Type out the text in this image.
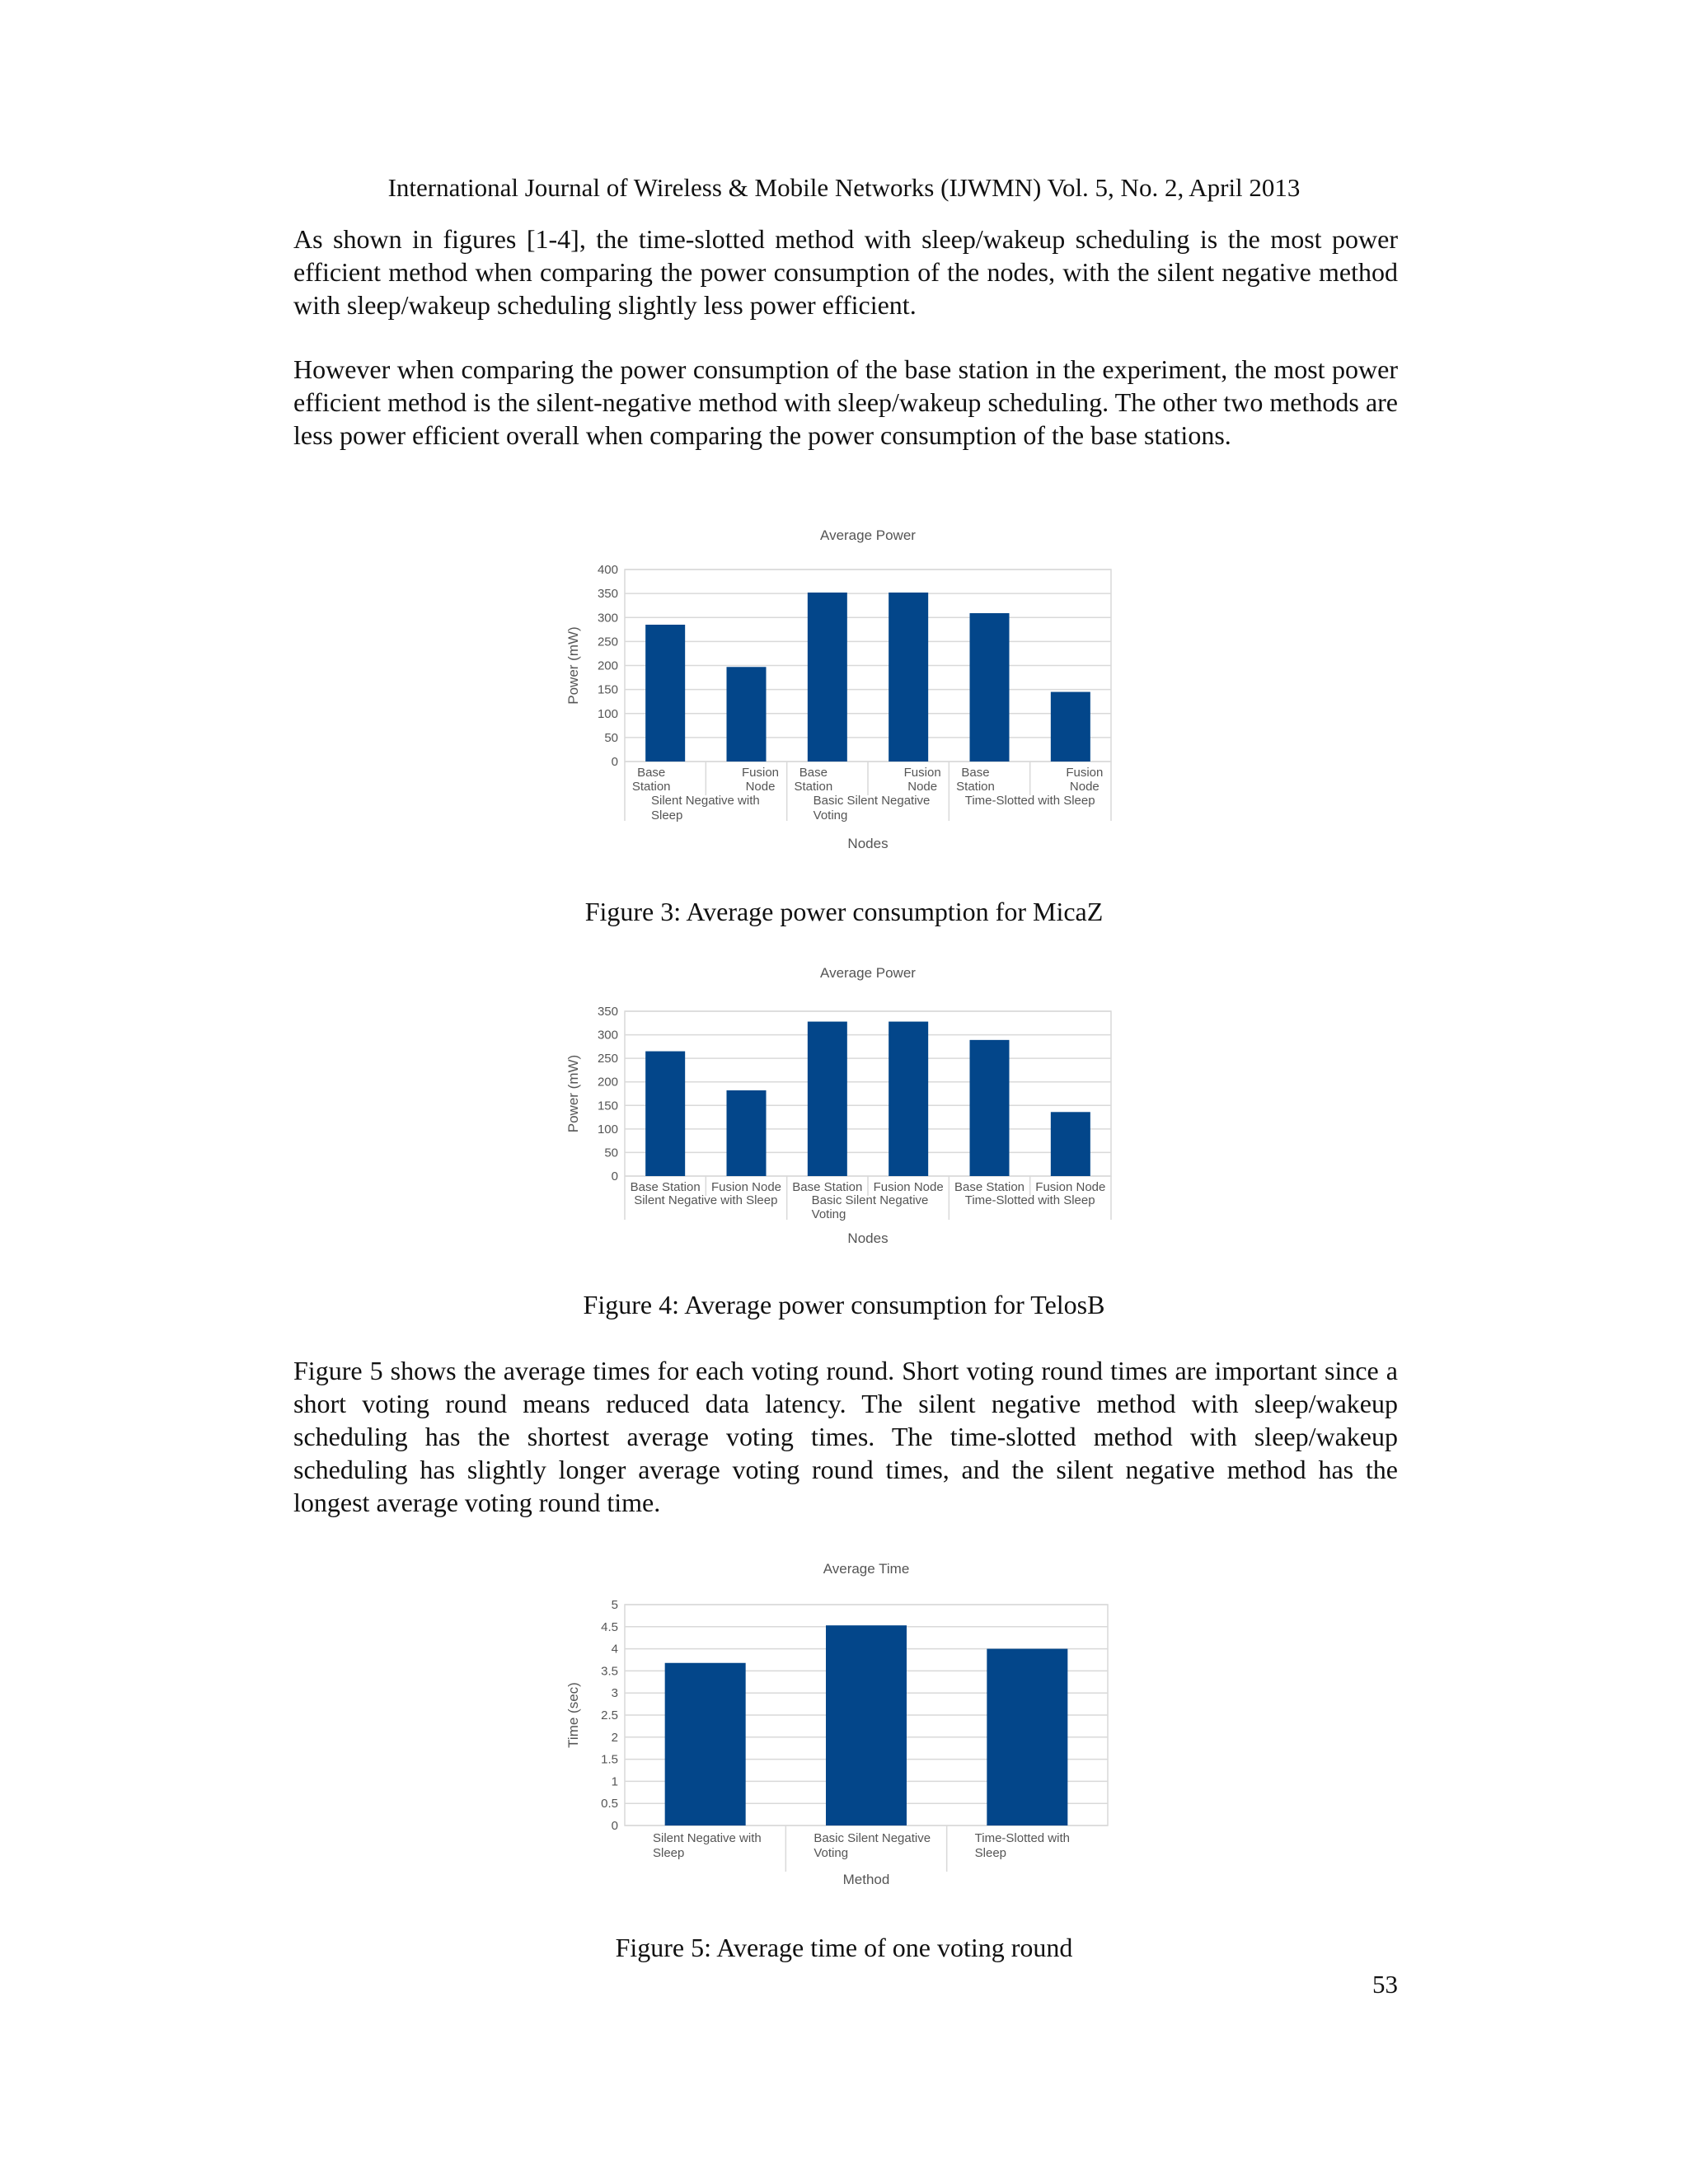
International Journal of Wireless & Mobile Networks (IJWMN) Vol. 5, No. 2, April 2013

As shown in figures [1-4], the time-slotted method with sleep/wakeup scheduling is the most power efficient method when comparing the power consumption of the nodes, with the silent negative method with sleep/wakeup scheduling slightly less power efficient.

However when comparing the power consumption of the base station in the experiment, the most power efficient method is the silent-negative method with sleep/wakeup scheduling. The other two methods are less power efficient overall when comparing the power consumption of the base stations.

0
50
100
150
200
250
300
350
400
Base
Station
Fusion
Node
Base
Station
Fusion
Node
Base
Station
Fusion
Node
Silent Negative with
Sleep
Basic Silent Negative
Voting
Time-Slotted with Sleep
Average Power
Nodes
Power (mW)
Figure 3: Average power consumption for MicaZ
0
50
100
150
200
250
300
350
Base Station Fusion Node Base Station Fusion Node Base Station Fusion Node
Silent Negative with Sleep	Basic Silent Negative
Voting
Time-Slotted with Sleep
Average Power
Nodes
Power (mW)
Figure 4: Average power consumption for TelosB

Figure 5 shows the average times for each voting round. Short voting round times are important since a short voting round means reduced data latency. The silent negative method with sleep/wakeup scheduling has the shortest average voting times. The time-slotted method with sleep/wakeup scheduling has slightly longer average voting round times, and the silent negative method has the longest average voting round time.

0
0.5
1
1.5
2
2.5
3
3.5
4
4.5
5
Silent Negative with
Sleep
Basic Silent Negative
Voting
Time-Slotted with
Sleep
Average Time
Method
Time (sec)
Figure 5: Average time of one voting round
53
